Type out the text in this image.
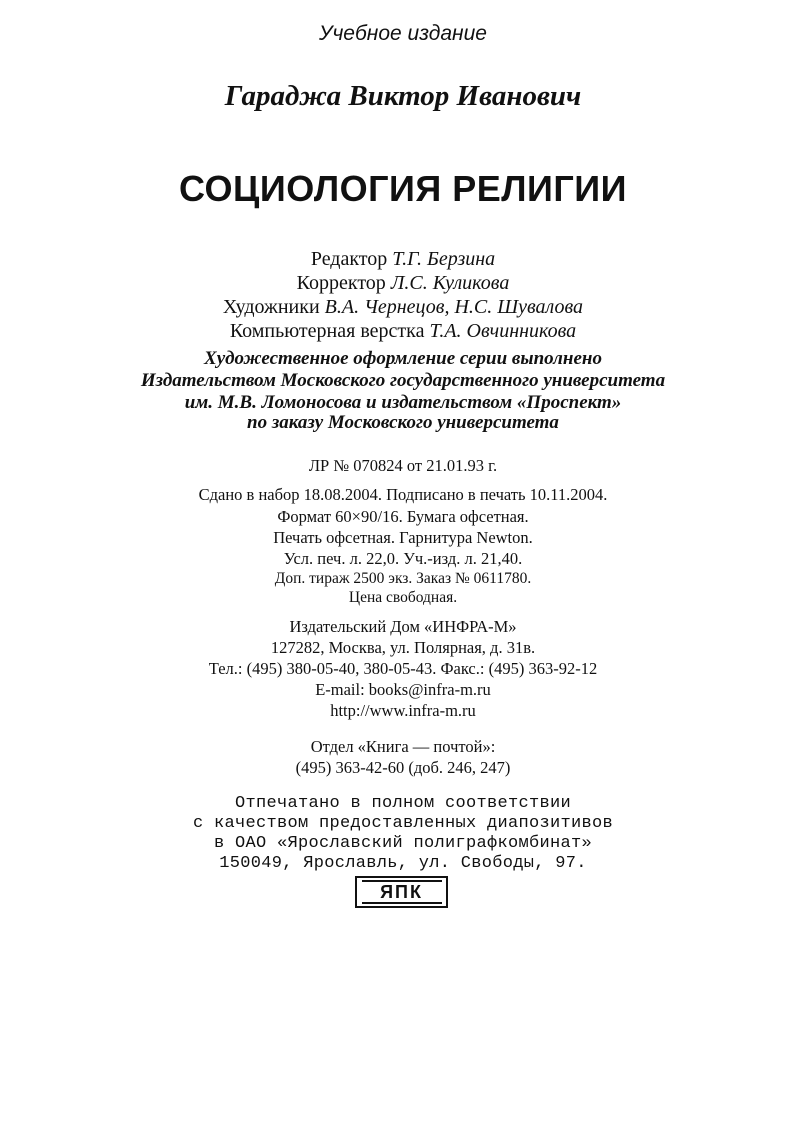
Учебное издание
Гараджа Виктор Иванович
СОЦИОЛОГИЯ РЕЛИГИИ
Редактор Т.Г. Берзина
Корректор Л.С. Куликова
Художники В.А. Чернецов, Н.С. Шувалова
Компьютерная верстка Т.А. Овчинникова
Художественное оформление серии выполнено
Издательством Московского государственного университета
им. М.В. Ломоносова и издательством «Проспект»
по заказу Московского университета
ЛР № 070824 от 21.01.93 г.
Сдано в набор 18.08.2004. Подписано в печать 10.11.2004.
Формат 60×90/16. Бумага офсетная.
Печать офсетная. Гарнитура Newton.
Усл. печ. л. 22,0. Уч.-изд. л. 21,40.
Доп. тираж 2500 экз. Заказ № 0611780.
Цена свободная.
Издательский Дом «ИНФРА-М»
127282, Москва, ул. Полярная, д. 31в.
Тел.: (495) 380-05-40, 380-05-43. Факс.: (495) 363-92-12
E-mail: books@infra-m.ru
http://www.infra-m.ru
Отдел «Книга — почтой»:
(495) 363-42-60 (доб. 246, 247)
Отпечатано в полном соответствии
с качеством предоставленных диапозитивов
в ОАО «Ярославский полиграфкомбинат»
150049, Ярославль, ул. Свободы, 97.
ЯПК
